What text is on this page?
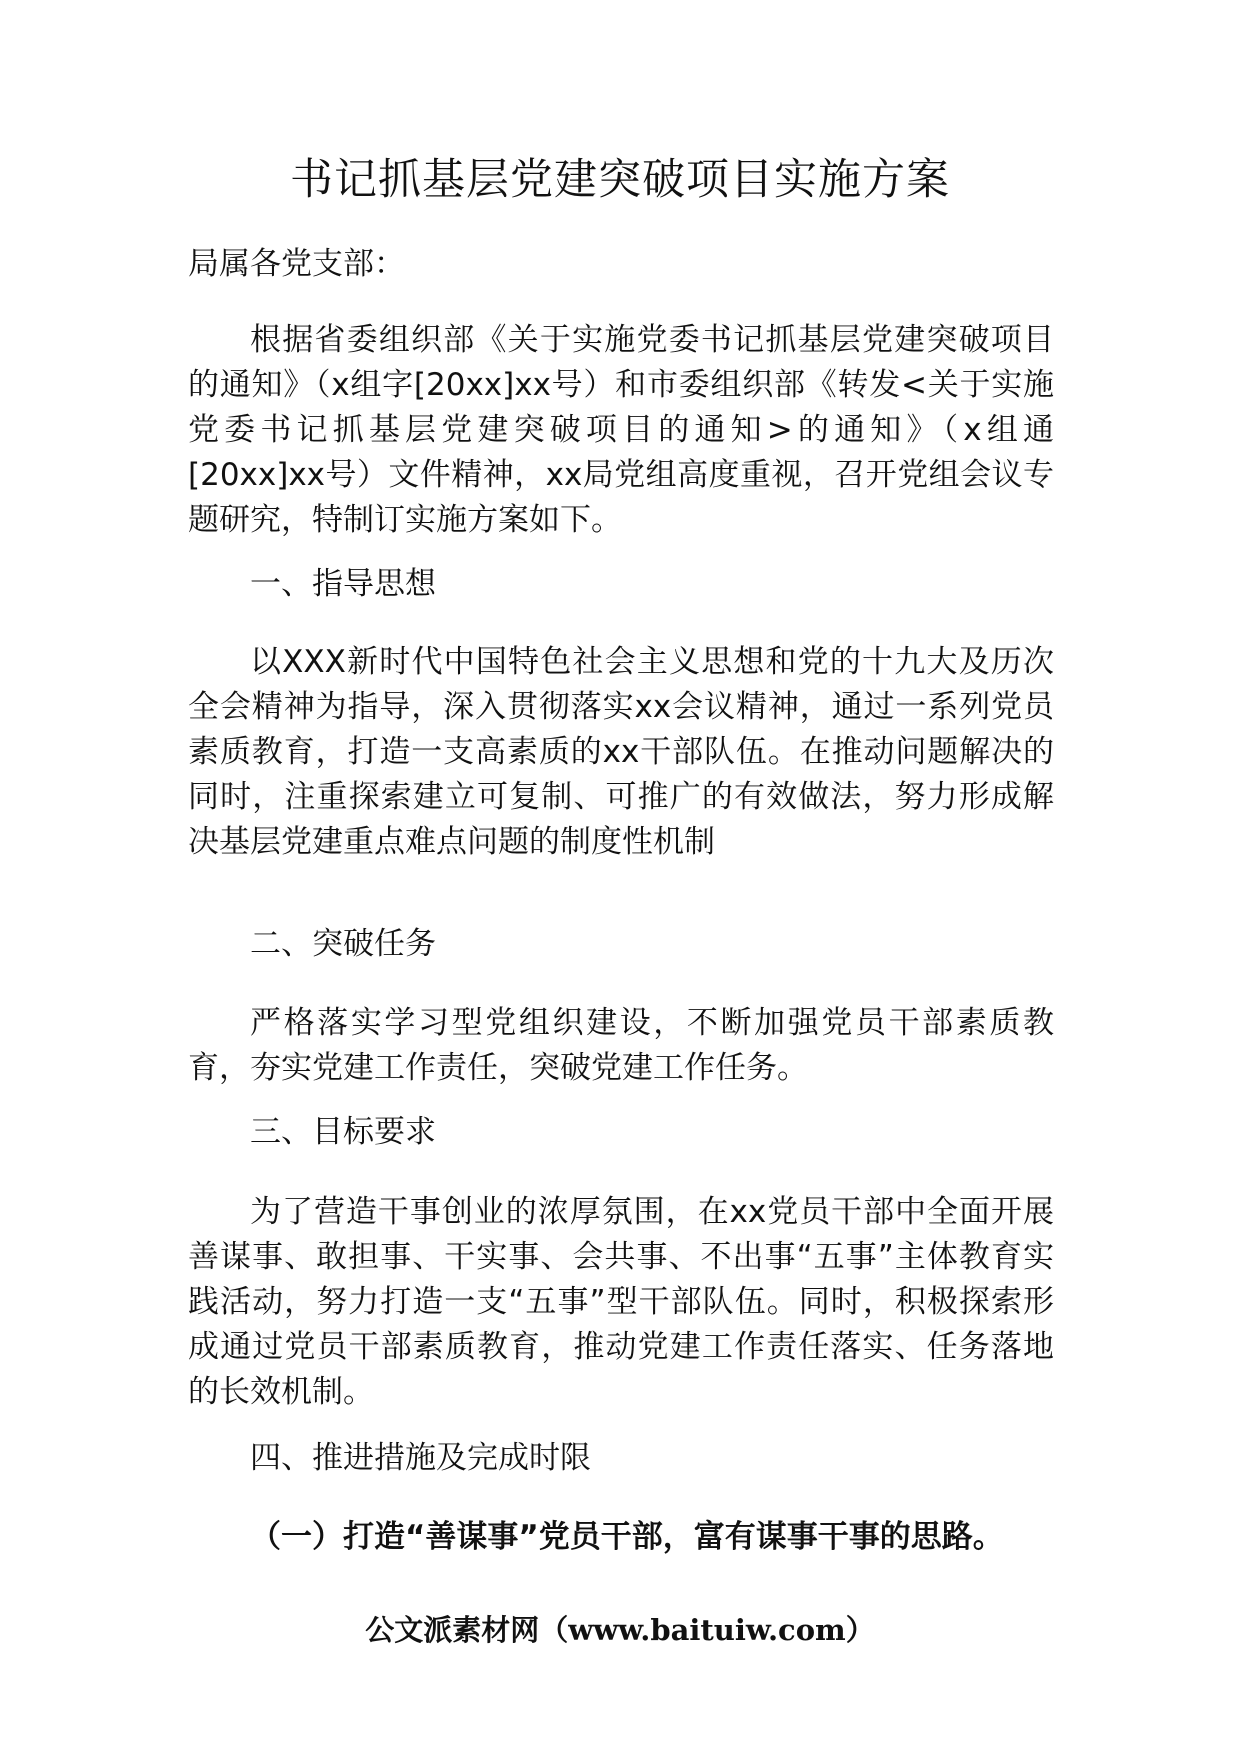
书记抓基层党建突破项目实施方案
局属各党支部：
根据省委组织部《关于实施党委书记抓基层党建突破项目的通知》（x组字[20xx]xx号）和市委组织部《转发<关于实施党委书记抓基层党建突破项目的通知>的通知》（x组通[20xx]xx号）文件精神，xx局党组高度重视，召开党组会议专题研究，特制订实施方案如下。
一、指导思想
以XXX新时代中国特色社会主义思想和党的十九大及历次全会精神为指导，深入贯彻落实xx会议精神，通过一系列党员素质教育，打造一支高素质的xx干部队伍。在推动问题解决的同时，注重探索建立可复制、可推广的有效做法，努力形成解决基层党建重点难点问题的制度性机制
二、突破任务
严格落实学习型党组织建设，不断加强党员干部素质教育，夯实党建工作责任，突破党建工作任务。
三、目标要求
为了营造干事创业的浓厚氛围，在xx党员干部中全面开展善谋事、敢担事、干实事、会共事、不出事“五事”主体教育实践活动，努力打造一支“五事”型干部队伍。同时，积极探索形成通过党员干部素质教育，推动党建工作责任落实、任务落地的长效机制。
四、推进措施及完成时限
（一）打造“善谋事”党员干部，富有谋事干事的思路。
公文派素材网（www.baituiw.com）
